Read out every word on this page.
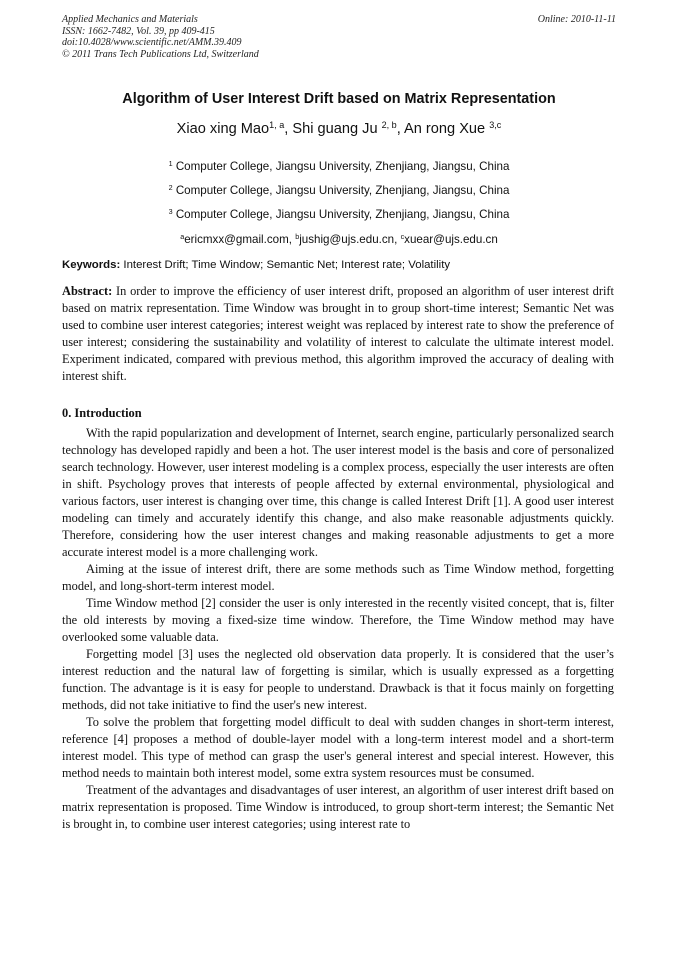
Applied Mechanics and Materials
ISSN: 1662-7482, Vol. 39, pp 409-415
doi:10.4028/www.scientific.net/AMM.39.409
© 2011 Trans Tech Publications Ltd, Switzerland
Online: 2010-11-11
Algorithm of User Interest Drift based on Matrix Representation
Xiao xing Mao$^{1, a}$, Shi guang Ju $^{2, b}$, An rong Xue $^{3,c}$
$^1$ Computer College, Jiangsu University, Zhenjiang, Jiangsu, China
$^2$ Computer College, Jiangsu University, Zhenjiang, Jiangsu, China
$^3$ Computer College, Jiangsu University, Zhenjiang, Jiangsu, China
$^a$ericmxx@gmail.com, $^b$jushig@ujs.edu.cn, $^c$xuear@ujs.edu.cn
Keywords: Interest Drift; Time Window; Semantic Net; Interest rate; Volatility

Abstract: In order to improve the efficiency of user interest drift, proposed an algorithm of user interest drift based on matrix representation. Time Window was brought in to group short-time interest; Semantic Net was used to combine user interest categories; interest weight was replaced by interest rate to show the preference of user interest; considering the sustainability and volatility of interest to calculate the ultimate interest model. Experiment indicated, compared with previous method, this algorithm improved the accuracy of dealing with interest shift.

0. Introduction

With the rapid popularization and development of Internet, search engine, particularly personalized search technology has developed rapidly and been a hot. The user interest model is the basis and core of personalized search technology. However, user interest modeling is a complex process, especially the user interests are often in shift. Psychology proves that interests of people affected by external environmental, physiological and various factors, user interest is changing over time, this change is called Interest Drift [1]. A good user interest modeling can timely and accurately identify this change, and also make reasonable adjustments quickly. Therefore, considering how the user interest changes and making reasonable adjustments to get a more accurate interest model is a more challenging work.

Aiming at the issue of interest drift, there are some methods such as Time Window method, forgetting model, and long-short-term interest model.

Time Window method [2] consider the user is only interested in the recently visited concept, that is, filter the old interests by moving a fixed-size time window. Therefore, the Time Window method may have overlooked some valuable data.

Forgetting model [3] uses the neglected old observation data properly. It is considered that the user’s interest reduction and the natural law of forgetting is similar, which is usually expressed as a forgetting function. The advantage is it is easy for people to understand. Drawback is that it focus mainly on forgetting methods, did not take initiative to find the user's new interest.

To solve the problem that forgetting model difficult to deal with sudden changes in short-term interest, reference [4] proposes a method of double-layer model with a long-term interest model and a short-term interest model. This type of method can grasp the user's general interest and special interest. However, this method needs to maintain both interest model, some extra system resources must be consumed.

Treatment of the advantages and disadvantages of user interest, an algorithm of user interest drift based on matrix representation is proposed. Time Window is introduced, to group short-term interest; the Semantic Net is brought in, to combine user interest categories; using interest rate to
